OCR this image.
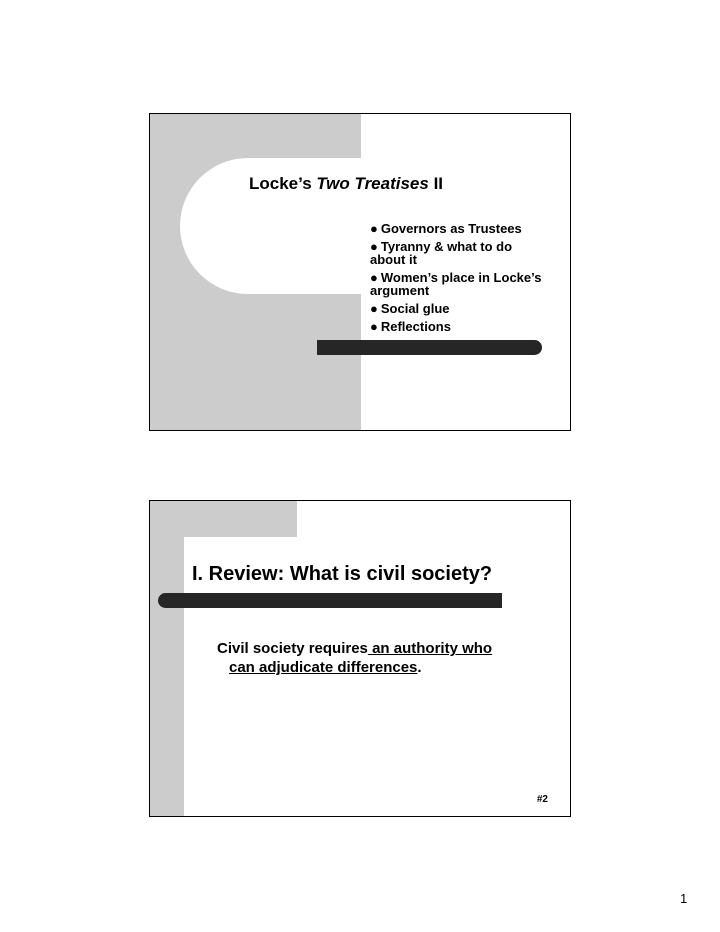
Locke’s Two Treatises II
● Governors as Trustees
● Tyranny & what to do about it
● Women’s place in Locke’s argument
● Social glue
● Reflections
I. Review: What is civil society?
Civil society requires an authority who
can adjudicate differences.
#2
1
